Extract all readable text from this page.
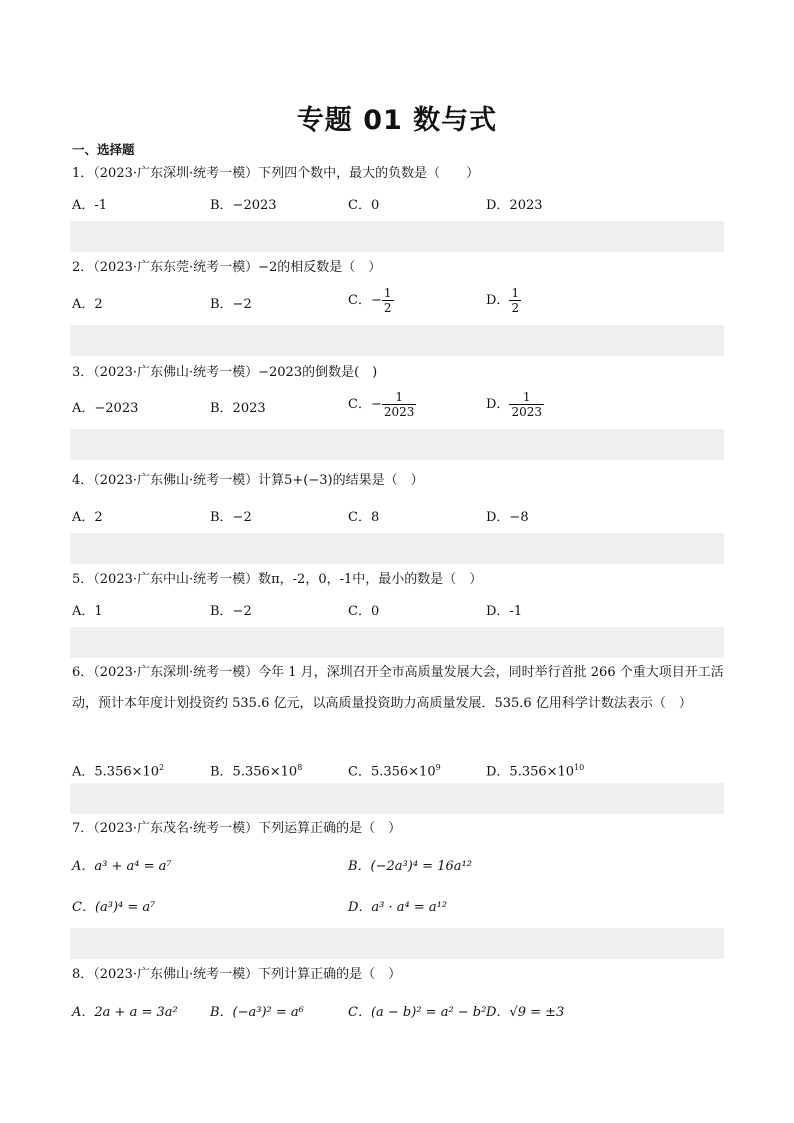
专题 01 数与式
一、选择题
1．（2023·广东深圳·统考一模）下列四个数中，最大的负数是（　　）
A．-1	B．−2023	C．0	D．2023
2．（2023·广东东莞·统考一模）−2的相反数是（　）
A．2	B．−2	C．− $\frac{1}{2}$	D． $\frac{1}{2}$
3．（2023·广东佛山·统考一模）−2023的倒数是(　)
A．−2023	B．2023	C．− $\frac{1}{2023}$	D． $\frac{1}{2023}$
4．（2023·广东佛山·统考一模）计算5+(−3)的结果是（　）
A．2	B．−2	C．8	D．−8
5．（2023·广东中山·统考一模）数π，-2，0，-1中，最小的数是（　）
A．1	B．−2	C．0	D．-1
6．（2023·广东深圳·统考一模）今年 1 月，深圳召开全市高质量发展大会，同时举行首批 266 个重大项目开工活动，预计本年度计划投资约 535.6 亿元，以高质量投资助力高质量发展．535.6 亿用科学计数法表示（　）
A．$5.356\times 10^2$	B．$5.356\times 10^8$	C．$5.356\times 10^9$	D．$5.356\times 10^{10}$
7．（2023·广东茂名·统考一模）下列运算正确的是（　）
A．a³ + a⁴ = a⁷	B．(−2a³)⁴ = 16a¹²
C．(a³)⁴ = a⁷	D．a³ · a⁴ = a¹²
8．（2023·广东佛山·统考一模）下列计算正确的是（　）
A．2a + a = 3a² B．(−a³)² = a⁶	C．(a − b)² = a² − b² D．√9 = ±3
